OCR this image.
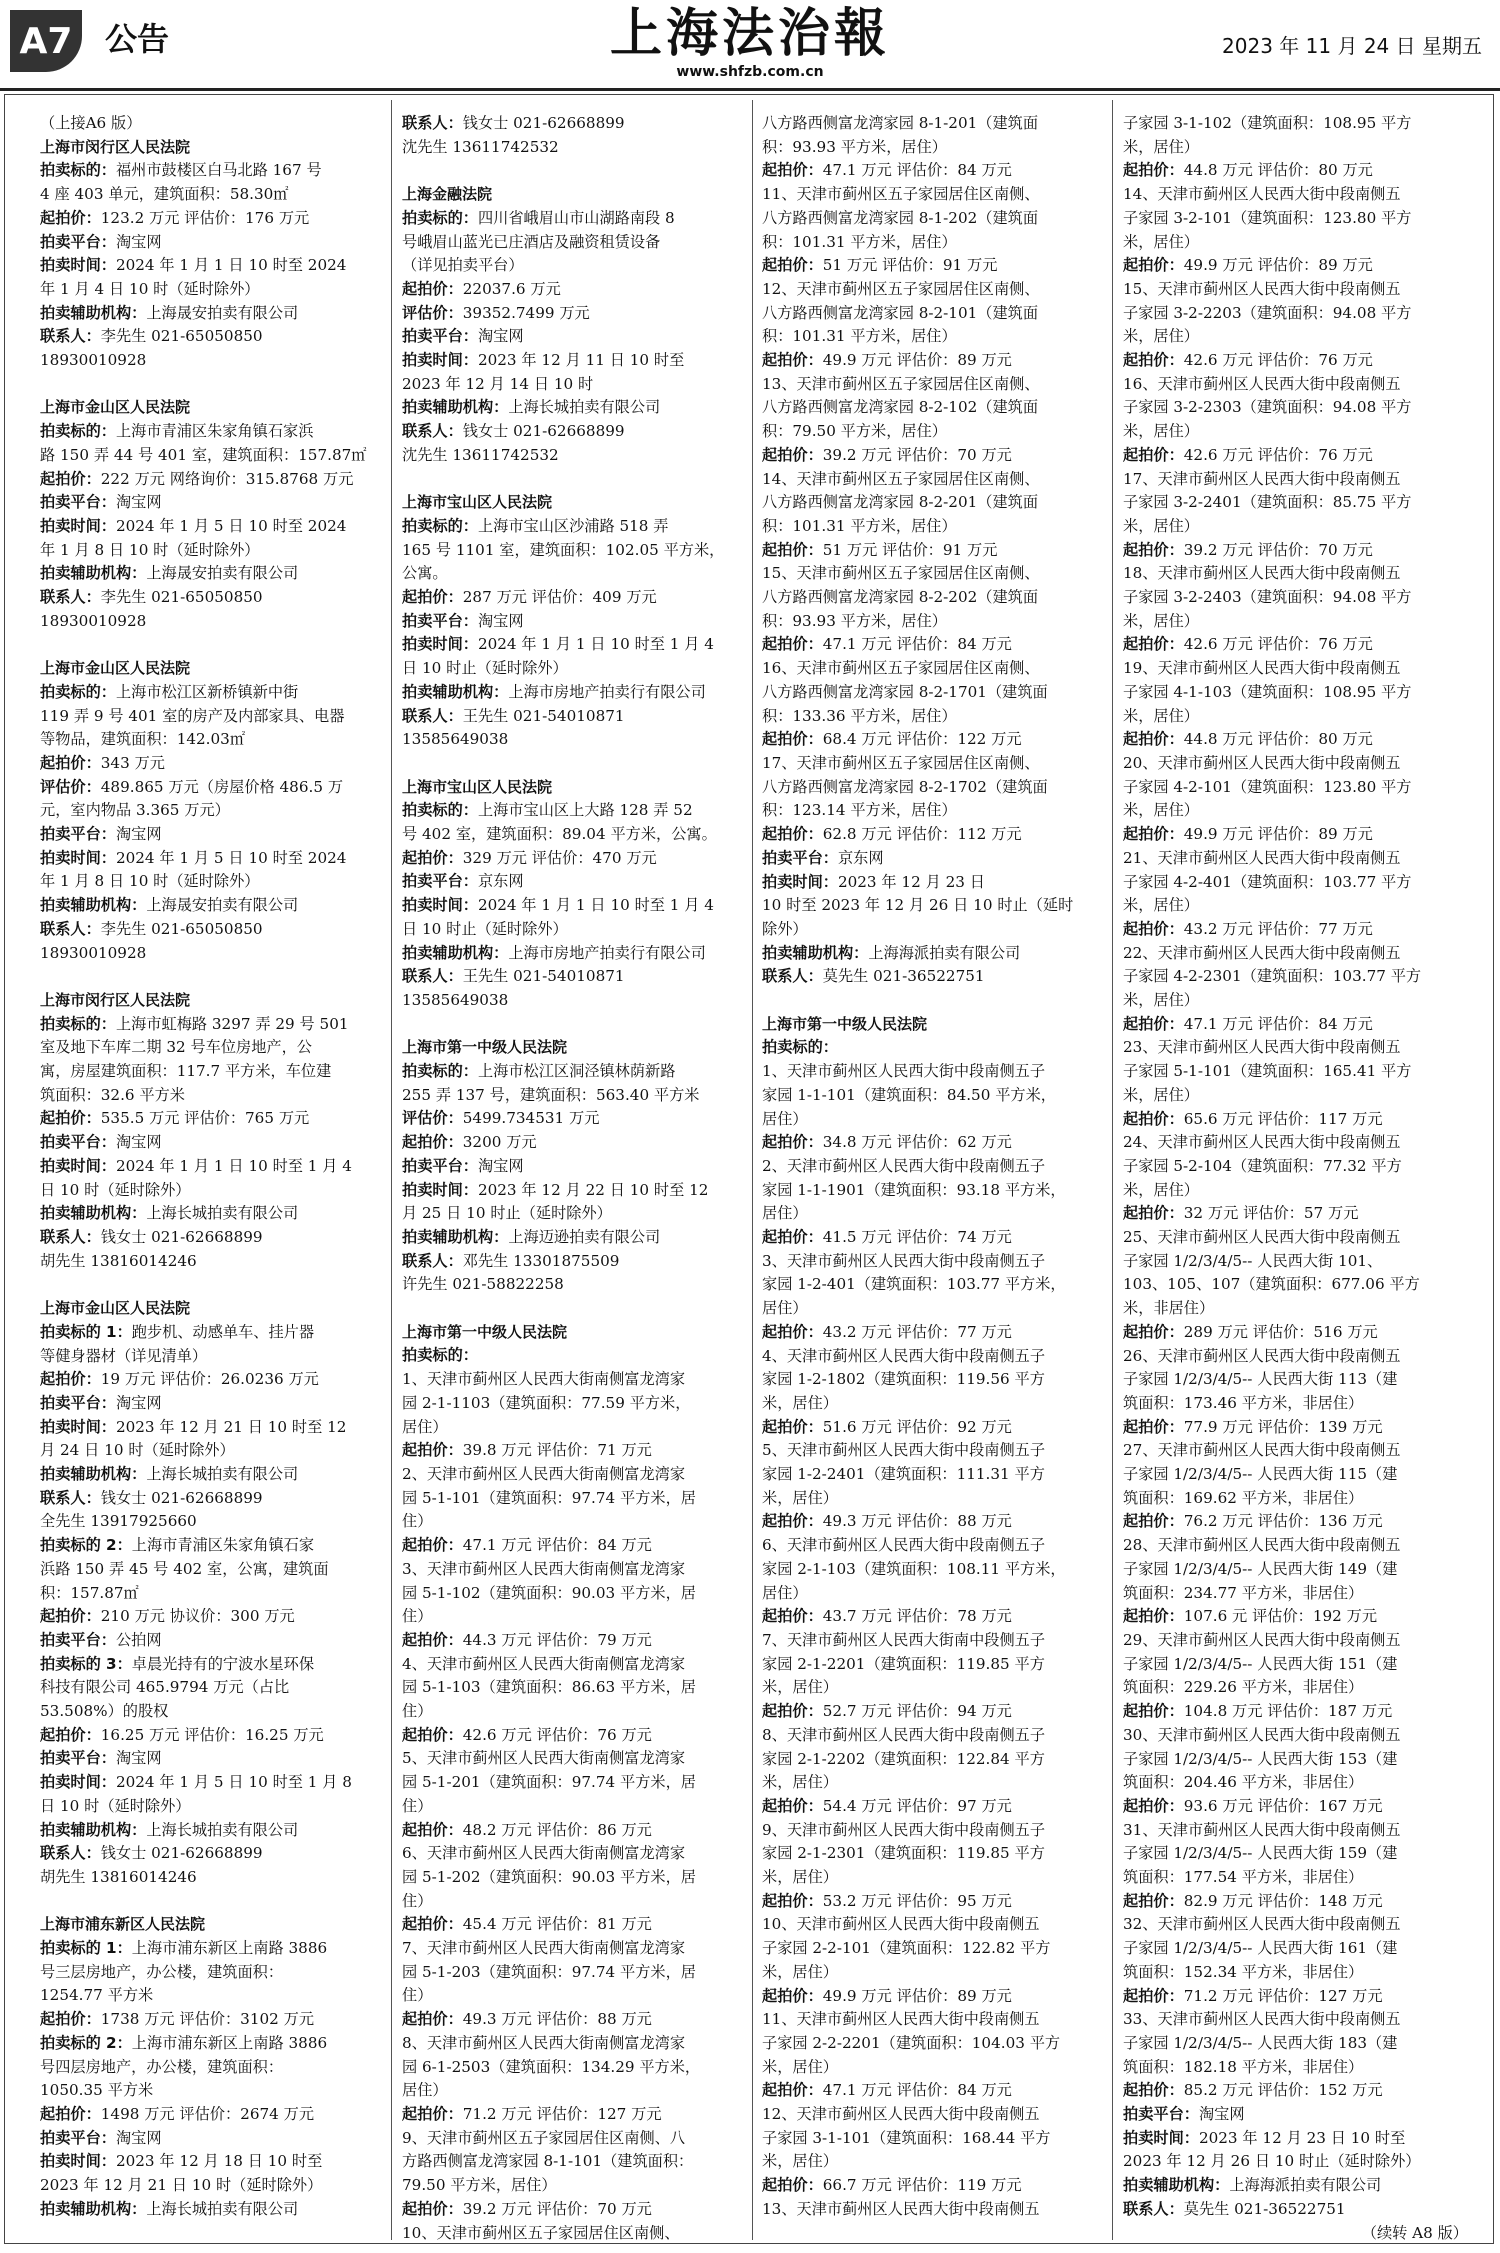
A7 公告	上海法治報
www.shfzb.com.cn
2023 年 11 月 24 日 星期五
（上接A6 版）
上海市闵行区人民法院
拍卖标的：福州市鼓楼区白马北路 167 号
4 座 403 单元，建筑面积：58.30㎡
起拍价：123.2 万元 评估价：176 万元
拍卖平台：淘宝网
拍卖时间：2024 年 1 月 1 日 10 时至 2024
年 1 月 4 日 10 时（延时除外）
拍卖辅助机构：上海晟安拍卖有限公司
联系人：李先生 021-65050850
18930010928
上海市金山区人民法院
拍卖标的：上海市青浦区朱家角镇石家浜
路 150 弄 44 号 401 室，建筑面积：157.87㎡
起拍价：222 万元 网络询价：315.8768 万元
拍卖平台：淘宝网
拍卖时间：2024 年 1 月 5 日 10 时至 2024
年 1 月 8 日 10 时（延时除外）
拍卖辅助机构：上海晟安拍卖有限公司
联系人：李先生 021-65050850
18930010928
上海市金山区人民法院
拍卖标的：上海市松江区新桥镇新中街
119 弄 9 号 401 室的房产及内部家具、电器
等物品，建筑面积：142.03㎡
起拍价：343 万元
评估价：489.865 万元（房屋价格 486.5 万
元，室内物品 3.365 万元）
拍卖平台：淘宝网
拍卖时间：2024 年 1 月 5 日 10 时至 2024
年 1 月 8 日 10 时（延时除外）
拍卖辅助机构：上海晟安拍卖有限公司
联系人：李先生 021-65050850
18930010928
上海市闵行区人民法院
拍卖标的：上海市虹梅路 3297 弄 29 号 501
室及地下车库二期 32 号车位房地产，公
寓，房屋建筑面积：117.7 平方米，车位建
筑面积：32.6 平方米
起拍价：535.5 万元 评估价：765 万元
拍卖平台：淘宝网
拍卖时间：2024 年 1 月 1 日 10 时至 1 月 4
日 10 时（延时除外）
拍卖辅助机构：上海长城拍卖有限公司
联系人：钱女士 021-62668899
胡先生 13816014246
上海市金山区人民法院
拍卖标的 1：跑步机、动感单车、挂片器
等健身器材（详见清单）
起拍价：19 万元 评估价：26.0236 万元
拍卖平台：淘宝网
拍卖时间：2023 年 12 月 21 日 10 时至 12
月 24 日 10 时（延时除外）
拍卖辅助机构：上海长城拍卖有限公司
联系人：钱女士 021-62668899
全先生 13917925660
拍卖标的 2：上海市青浦区朱家角镇石家
浜路 150 弄 45 号 402 室，公寓，建筑面
积：157.87㎡
起拍价：210 万元 协议价：300 万元
拍卖平台：公拍网
拍卖标的 3：卓晨光持有的宁波水星环保
科技有限公司 465.9794 万元（占比
53.508%）的股权
起拍价：16.25 万元 评估价：16.25 万元
拍卖平台：淘宝网
拍卖时间：2024 年 1 月 5 日 10 时至 1 月 8
日 10 时（延时除外）
拍卖辅助机构：上海长城拍卖有限公司
联系人：钱女士 021-62668899
胡先生 13816014246
上海市浦东新区人民法院
拍卖标的 1：上海市浦东新区上南路 3886
号三层房地产，办公楼，建筑面积：
1254.77 平方米
起拍价：1738 万元 评估价：3102 万元
拍卖标的 2：上海市浦东新区上南路 3886
号四层房地产，办公楼，建筑面积：
1050.35 平方米
起拍价：1498 万元 评估价：2674 万元
拍卖平台：淘宝网
拍卖时间：2023 年 12 月 18 日 10 时至
2023 年 12 月 21 日 10 时（延时除外）
拍卖辅助机构：上海长城拍卖有限公司
联系人：钱女士 021-62668899
沈先生 13611742532
上海金融法院
拍卖标的：四川省峨眉山市山湖路南段 8
号峨眉山蓝光已庄酒店及融资租赁设备
（详见拍卖平台）
起拍价：22037.6 万元
评估价：39352.7499 万元
拍卖平台：淘宝网
拍卖时间：2023 年 12 月 11 日 10 时至
2023 年 12 月 14 日 10 时
拍卖辅助机构：上海长城拍卖有限公司
联系人：钱女士 021-62668899
沈先生 13611742532
上海市宝山区人民法院
拍卖标的：上海市宝山区沙浦路 518 弄
165 号 1101 室，建筑面积：102.05 平方米，
公寓。
起拍价：287 万元 评估价：409 万元
拍卖平台：淘宝网
拍卖时间：2024 年 1 月 1 日 10 时至 1 月 4
日 10 时止（延时除外）
拍卖辅助机构：上海市房地产拍卖行有限公司
联系人：王先生 021-54010871
13585649038
上海市宝山区人民法院
拍卖标的：上海市宝山区上大路 128 弄 52
号 402 室，建筑面积：89.04 平方米，公寓。
起拍价：329 万元 评估价：470 万元
拍卖平台：京东网
拍卖时间：2024 年 1 月 1 日 10 时至 1 月 4
日 10 时止（延时除外）
拍卖辅助机构：上海市房地产拍卖行有限公司
联系人：王先生 021-54010871
13585649038
上海市第一中级人民法院
拍卖标的：上海市松江区洞泾镇林荫新路
255 弄 137 号，建筑面积：563.40 平方米
评估价：5499.734531 万元
起拍价：3200 万元
拍卖平台：淘宝网
拍卖时间：2023 年 12 月 22 日 10 时至 12
月 25 日 10 时止（延时除外）
拍卖辅助机构：上海迈逊拍卖有限公司
联系人：邓先生 13301875509
许先生 021-58822258
上海市第一中级人民法院
拍卖标的：
1、天津市蓟州区人民西大街南侧富龙湾家
园 2-1-1103（建筑面积：77.59 平方米，
居住）
起拍价：39.8 万元 评估价：71 万元
2、天津市蓟州区人民西大街南侧富龙湾家
园 5-1-101（建筑面积：97.74 平方米，居
住）
起拍价：47.1 万元 评估价：84 万元
3、天津市蓟州区人民西大街南侧富龙湾家
园 5-1-102（建筑面积：90.03 平方米，居
住）
起拍价：44.3 万元 评估价：79 万元
4、天津市蓟州区人民西大街南侧富龙湾家
园 5-1-103（建筑面积：86.63 平方米，居
住）
起拍价：42.6 万元 评估价：76 万元
5、天津市蓟州区人民西大街南侧富龙湾家
园 5-1-201（建筑面积：97.74 平方米，居
住）
起拍价：48.2 万元 评估价：86 万元
6、天津市蓟州区人民西大街南侧富龙湾家
园 5-1-202（建筑面积：90.03 平方米，居
住）
起拍价：45.4 万元 评估价：81 万元
7、天津市蓟州区人民西大街南侧富龙湾家
园 5-1-203（建筑面积：97.74 平方米，居
住）
起拍价：49.3 万元 评估价：88 万元
8、天津市蓟州区人民西大街南侧富龙湾家
园 6-1-2503（建筑面积：134.29 平方米，
居住）
起拍价：71.2 万元 评估价：127 万元
9、天津市蓟州区五子家园居住区南侧、八
方路西侧富龙湾家园 8-1-101（建筑面积：
79.50 平方米，居住）
起拍价：39.2 万元 评估价：70 万元
10、天津市蓟州区五子家园居住区南侧、
八方路西侧富龙湾家园 8-1-201（建筑面
积：93.93 平方米，居住）
起拍价：47.1 万元 评估价：84 万元
11、天津市蓟州区五子家园居住区南侧、
八方路西侧富龙湾家园 8-1-202（建筑面
积：101.31 平方米，居住）
起拍价：51 万元 评估价：91 万元
12、天津市蓟州区五子家园居住区南侧、
八方路西侧富龙湾家园 8-2-101（建筑面
积：101.31 平方米，居住）
起拍价：49.9 万元 评估价：89 万元
13、天津市蓟州区五子家园居住区南侧、
八方路西侧富龙湾家园 8-2-102（建筑面
积：79.50 平方米，居住）
起拍价：39.2 万元 评估价：70 万元
14、天津市蓟州区五子家园居住区南侧、
八方路西侧富龙湾家园 8-2-201（建筑面
积：101.31 平方米，居住）
起拍价：51 万元 评估价：91 万元
15、天津市蓟州区五子家园居住区南侧、
八方路西侧富龙湾家园 8-2-202（建筑面
积：93.93 平方米，居住）
起拍价：47.1 万元 评估价：84 万元
16、天津市蓟州区五子家园居住区南侧、
八方路西侧富龙湾家园 8-2-1701（建筑面
积：133.36 平方米，居住）
起拍价：68.4 万元 评估价：122 万元
17、天津市蓟州区五子家园居住区南侧、
八方路西侧富龙湾家园 8-2-1702（建筑面
积：123.14 平方米，居住）
起拍价：62.8 万元 评估价：112 万元
拍卖平台：京东网
拍卖时间：2023 年 12 月 23 日
10 时至 2023 年 12 月 26 日 10 时止（延时
除外）
拍卖辅助机构：上海海派拍卖有限公司
联系人：莫先生 021-36522751
上海市第一中级人民法院
拍卖标的：
1、天津市蓟州区人民西大街中段南侧五子
家园 1-1-101（建筑面积：84.50 平方米，
居住）
起拍价：34.8 万元 评估价：62 万元
2、天津市蓟州区人民西大街中段南侧五子
家园 1-1-1901（建筑面积：93.18 平方米，
居住）
起拍价：41.5 万元 评估价：74 万元
3、天津市蓟州区人民西大街中段南侧五子
家园 1-2-401（建筑面积：103.77 平方米，
居住）
起拍价：43.2 万元 评估价：77 万元
4、天津市蓟州区人民西大街中段南侧五子
家园 1-2-1802（建筑面积：119.56 平方
米，居住）
起拍价：51.6 万元 评估价：92 万元
5、天津市蓟州区人民西大街中段南侧五子
家园 1-2-2401（建筑面积：111.31 平方
米，居住）
起拍价：49.3 万元 评估价：88 万元
6、天津市蓟州区人民西大街中段南侧五子
家园 2-1-103（建筑面积：108.11 平方米，
居住）
起拍价：43.7 万元 评估价：78 万元
7、天津市蓟州区人民西大街南中段侧五子
家园 2-1-2201（建筑面积：119.85 平方
米，居住）
起拍价：52.7 万元 评估价：94 万元
8、天津市蓟州区人民西大街中段南侧五子
家园 2-1-2202（建筑面积：122.84 平方
米，居住）
起拍价：54.4 万元 评估价：97 万元
9、天津市蓟州区人民西大街中段南侧五子
家园 2-1-2301（建筑面积：119.85 平方
米，居住）
起拍价：53.2 万元 评估价：95 万元
10、天津市蓟州区人民西大街中段南侧五
子家园 2-2-101（建筑面积：122.82 平方
米，居住）
起拍价：49.9 万元 评估价：89 万元
11、天津市蓟州区人民西大街中段南侧五
子家园 2-2-2201（建筑面积：104.03 平方
米，居住）
起拍价：47.1 万元 评估价：84 万元
12、天津市蓟州区人民西大街中段南侧五
子家园 3-1-101（建筑面积：168.44 平方
米，居住）
起拍价：66.7 万元 评估价：119 万元
13、天津市蓟州区人民西大街中段南侧五
子家园 3-1-102（建筑面积：108.95 平方
米，居住）
起拍价：44.8 万元 评估价：80 万元
14、天津市蓟州区人民西大街中段南侧五
子家园 3-2-101（建筑面积：123.80 平方
米，居住）
起拍价：49.9 万元 评估价：89 万元
15、天津市蓟州区人民西大街中段南侧五
子家园 3-2-2203（建筑面积：94.08 平方
米，居住）
起拍价：42.6 万元 评估价：76 万元
16、天津市蓟州区人民西大街中段南侧五
子家园 3-2-2303（建筑面积：94.08 平方
米，居住）
起拍价：42.6 万元 评估价：76 万元
17、天津市蓟州区人民西大街中段南侧五
子家园 3-2-2401（建筑面积：85.75 平方
米，居住）
起拍价：39.2 万元 评估价：70 万元
18、天津市蓟州区人民西大街中段南侧五
子家园 3-2-2403（建筑面积：94.08 平方
米，居住）
起拍价：42.6 万元 评估价：76 万元
19、天津市蓟州区人民西大街中段南侧五
子家园 4-1-103（建筑面积：108.95 平方
米，居住）
起拍价：44.8 万元 评估价：80 万元
20、天津市蓟州区人民西大街中段南侧五
子家园 4-2-101（建筑面积：123.80 平方
米，居住）
起拍价：49.9 万元 评估价：89 万元
21、天津市蓟州区人民西大街中段南侧五
子家园 4-2-401（建筑面积：103.77 平方
米，居住）
起拍价：43.2 万元 评估价：77 万元
22、天津市蓟州区人民西大街中段南侧五
子家园 4-2-2301（建筑面积：103.77 平方
米，居住）
起拍价：47.1 万元 评估价：84 万元
23、天津市蓟州区人民西大街中段南侧五
子家园 5-1-101（建筑面积：165.41 平方
米，居住）
起拍价：65.6 万元 评估价：117 万元
24、天津市蓟州区人民西大街中段南侧五
子家园 5-2-104（建筑面积：77.32 平方
米，居住）
起拍价：32 万元 评估价：57 万元
25、天津市蓟州区人民西大街中段南侧五
子家园 1/2/3/4/5-- 人民西大街 101、
103、105、107（建筑面积：677.06 平方
米，非居住）
起拍价：289 万元 评估价：516 万元
26、天津市蓟州区人民西大街中段南侧五
子家园 1/2/3/4/5-- 人民西大街 113（建
筑面积：173.46 平方米，非居住）
起拍价：77.9 万元 评估价：139 万元
27、天津市蓟州区人民西大街中段南侧五
子家园 1/2/3/4/5-- 人民西大街 115（建
筑面积：169.62 平方米，非居住）
起拍价：76.2 万元 评估价：136 万元
28、天津市蓟州区人民西大街中段南侧五
子家园 1/2/3/4/5-- 人民西大街 149（建
筑面积：234.77 平方米，非居住）
起拍价：107.6 元 评估价：192 万元
29、天津市蓟州区人民西大街中段南侧五
子家园 1/2/3/4/5-- 人民西大街 151（建
筑面积：229.26 平方米，非居住）
起拍价：104.8 万元 评估价：187 万元
30、天津市蓟州区人民西大街中段南侧五
子家园 1/2/3/4/5-- 人民西大街 153（建
筑面积：204.46 平方米，非居住）
起拍价：93.6 万元 评估价：167 万元
31、天津市蓟州区人民西大街中段南侧五
子家园 1/2/3/4/5-- 人民西大街 159（建
筑面积：177.54 平方米，非居住）
起拍价：82.9 万元 评估价：148 万元
32、天津市蓟州区人民西大街中段南侧五
子家园 1/2/3/4/5-- 人民西大街 161（建
筑面积：152.34 平方米，非居住）
起拍价：71.2 万元 评估价：127 万元
33、天津市蓟州区人民西大街中段南侧五
子家园 1/2/3/4/5-- 人民西大街 183（建
筑面积：182.18 平方米，非居住）
起拍价：85.2 万元 评估价：152 万元
拍卖平台：淘宝网
拍卖时间：2023 年 12 月 23 日 10 时至
2023 年 12 月 26 日 10 时止（延时除外）
拍卖辅助机构：上海海派拍卖有限公司
联系人：莫先生 021-36522751
（续转 A8 版）
